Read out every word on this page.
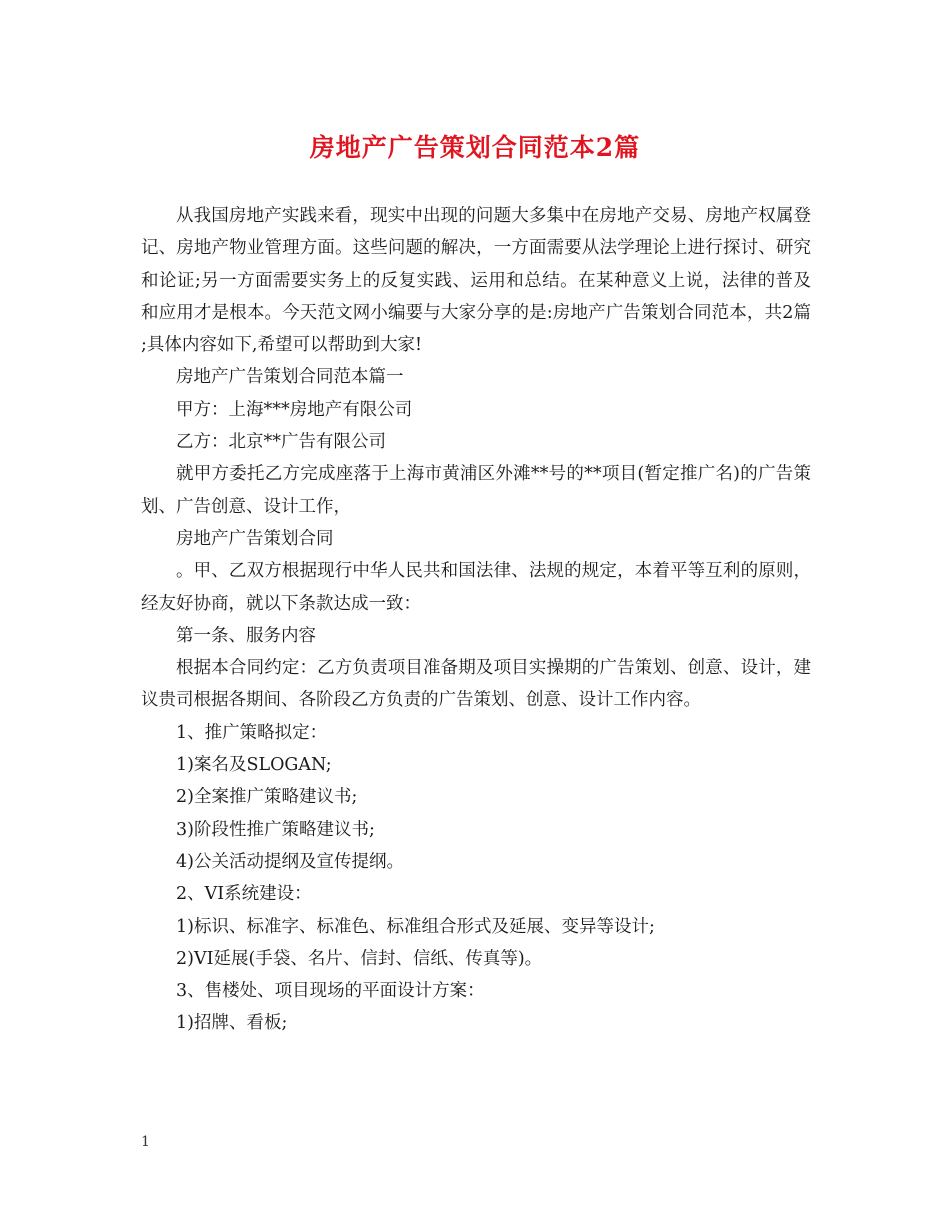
房地产广告策划合同范本2篇

从我国房地产实践来看，现实中出现的问题大多集中在房地产交易、房地产权属登记、房地产物业管理方面。这些问题的解决，一方面需要从法学理论上进行探讨、研究和论证;另一方面需要实务上的反复实践、运用和总结。在某种意义上说，法律的普及和应用才是根本。今天范文网小编要与大家分享的是:房地产广告策划合同范本，共2篇 ;具体内容如下,希望可以帮助到大家!

房地产广告策划合同范本篇一

甲方：上海***房地产有限公司

乙方：北京**广告有限公司

就甲方委托乙方完成座落于上海市黄浦区外滩**号的**项目(暂定推广名)的广告策划、广告创意、设计工作，

房地产广告策划合同

。甲、乙双方根据现行中华人民共和国法律、法规的规定，本着平等互利的原则，经友好协商，就以下条款达成一致：

第一条、服务内容

根据本合同约定：乙方负责项目准备期及项目实操期的广告策划、创意、设计，建议贵司根据各期间、各阶段乙方负责的广告策划、创意、设计工作内容。

1、推广策略拟定：

1)案名及SLOGAN;

2)全案推广策略建议书;

3)阶段性推广策略建议书;

4)公关活动提纲及宣传提纲。

2、VI系统建设：

1)标识、标准字、标准色、标准组合形式及延展、变异等设计;

2)VI延展(手袋、名片、信封、信纸、传真等)。

3、售楼处、项目现场的平面设计方案：

1)招牌、看板;

1
